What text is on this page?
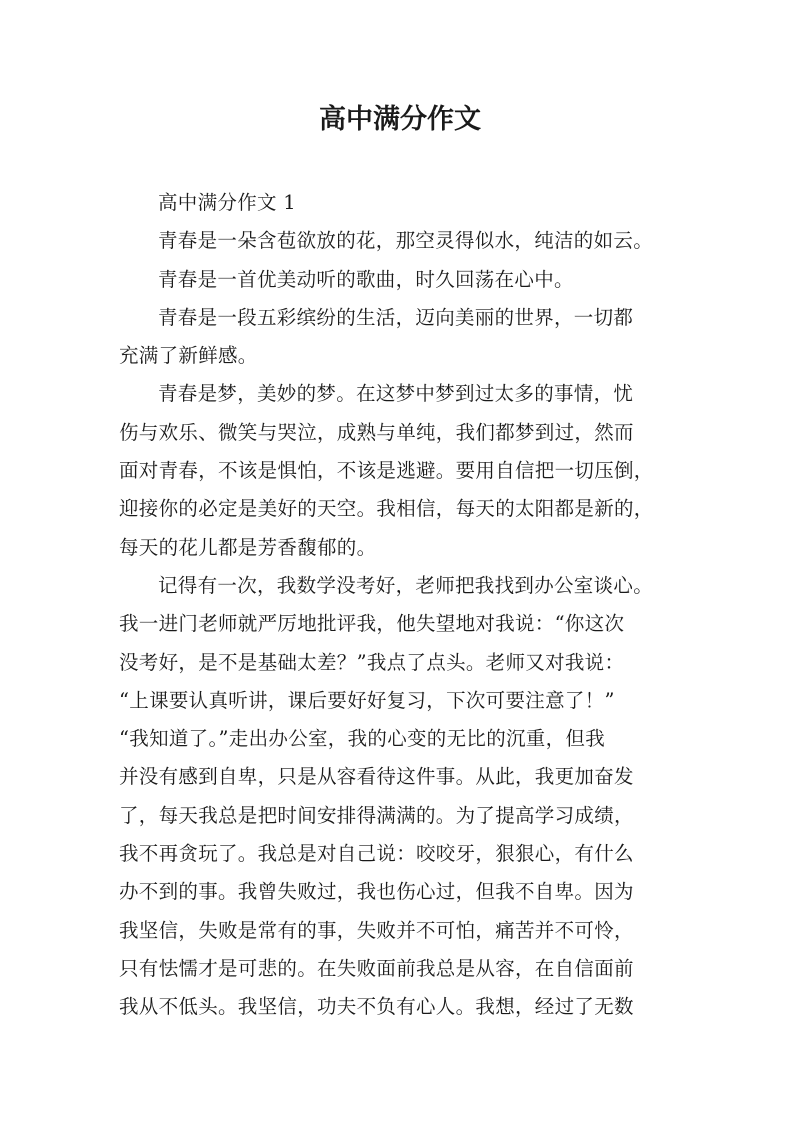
高中满分作文

高中满分作文 1

青春是一朵含苞欲放的花，那空灵得似水，纯洁的如云。

青春是一首优美动听的歌曲，时久回荡在心中。

青春是一段五彩缤纷的生活，迈向美丽的世界，一切都
充满了新鲜感。

青春是梦，美妙的梦。在这梦中梦到过太多的事情，忧
伤与欢乐、微笑与哭泣，成熟与单纯，我们都梦到过，然而
面对青春，不该是惧怕，不该是逃避。要用自信把一切压倒，
迎接你的必定是美好的天空。我相信，每天的太阳都是新的，
每天的花儿都是芳香馥郁的。

记得有一次，我数学没考好，老师把我找到办公室谈心。
我一进门老师就严厉地批评我，他失望地对我说：“你这次
没考好，是不是基础太差？”我点了点头。老师又对我说：
“上课要认真听讲，课后要好好复习，下次可要注意了！”
“我知道了。”走出办公室，我的心变的无比的沉重，但我
并没有感到自卑，只是从容看待这件事。从此，我更加奋发
了，每天我总是把时间安排得满满的。为了提高学习成绩，
我不再贪玩了。我总是对自己说：咬咬牙，狠狠心，有什么
办不到的事。我曾失败过，我也伤心过，但我不自卑。因为
我坚信，失败是常有的事，失败并不可怕，痛苦并不可怜，
只有怯懦才是可悲的。在失败面前我总是从容，在自信面前
我从不低头。我坚信，功夫不负有心人。我想，经过了无数
